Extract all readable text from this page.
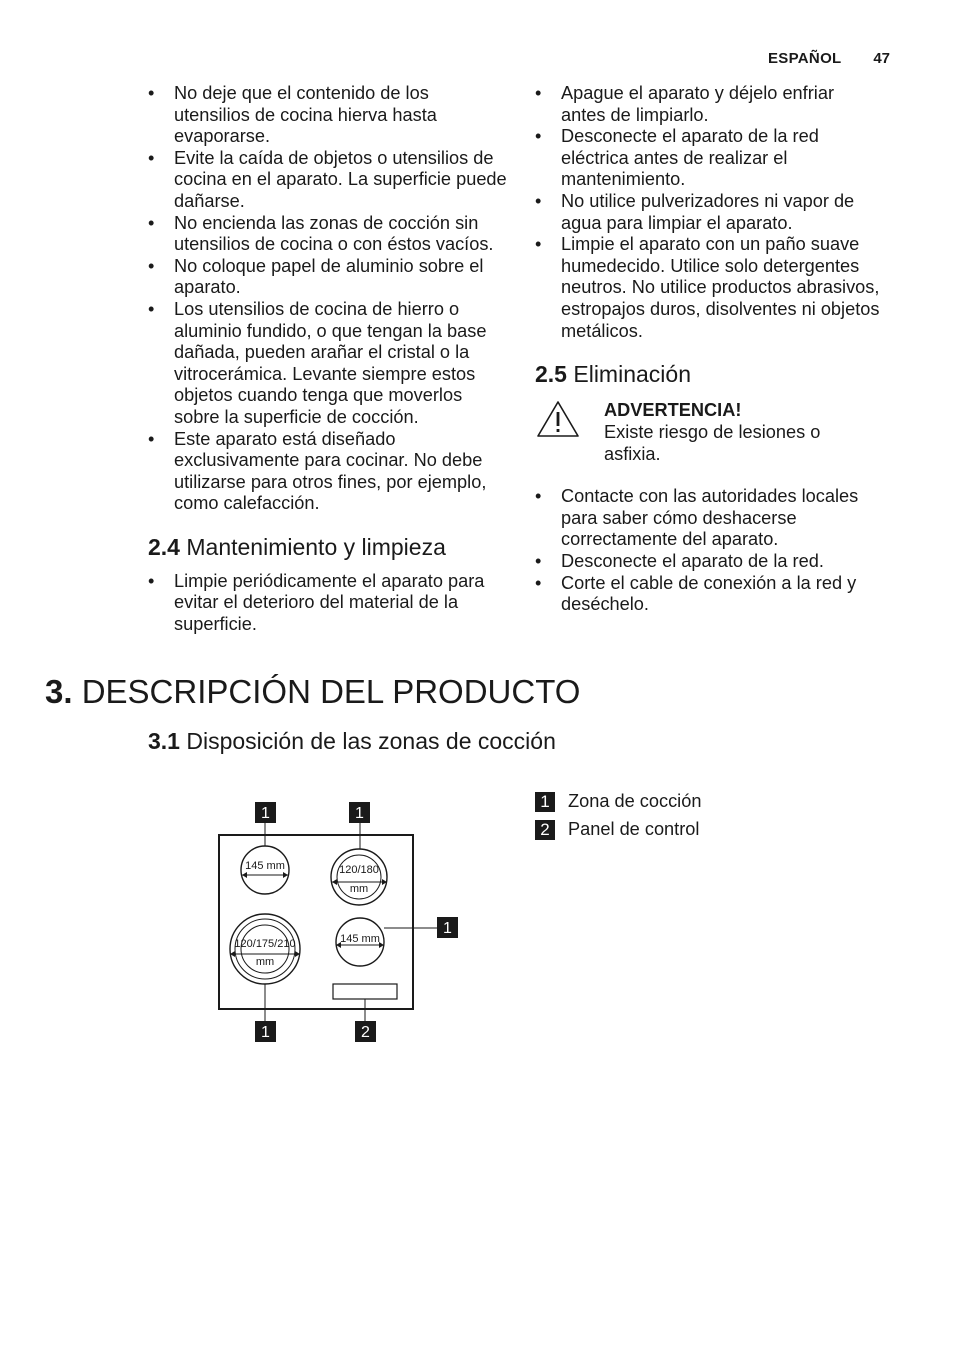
ESPAÑOL 47
• No deje que el contenido de los utensilios de cocina hierva hasta evaporarse.
• Evite la caída de objetos o utensilios de cocina en el aparato. La superficie puede dañarse.
• No encienda las zonas de cocción sin utensilios de cocina o con éstos vacíos.
• No coloque papel de aluminio sobre el aparato.
• Los utensilios de cocina de hierro o aluminio fundido, o que tengan la base dañada, pueden arañar el cristal o la vitrocerámica. Levante siempre estos objetos cuando tenga que moverlos sobre la superficie de cocción.
• Este aparato está diseñado exclusivamente para cocinar. No debe utilizarse para otros fines, por ejemplo, como calefacción.
2.4 Mantenimiento y limpieza
• Limpie periódicamente el aparato para evitar el deterioro del material de la superficie.
• Apague el aparato y déjelo enfriar antes de limpiarlo.
• Desconecte el aparato de la red eléctrica antes de realizar el mantenimiento.
• No utilice pulverizadores ni vapor de agua para limpiar el aparato.
• Limpie el aparato con un paño suave humedecido. Utilice solo detergentes neutros. No utilice productos abrasivos, estropajos duros, disolventes ni objetos metálicos.
2.5 Eliminación
ADVERTENCIA!
Existe riesgo de lesiones o asfixia.
• Contacte con las autoridades locales para saber cómo deshacerse correctamente del aparato.
• Desconecte el aparato de la red.
• Corte el cable de conexión a la red y deséchelo.
3. DESCRIPCIÓN DEL PRODUCTO
3.1 Disposición de las zonas de cocción
145 mm	120/180
mm
120/175/210
mm
145 mm
1	1
1
1	2
1 Zona de cocción
2 Panel de control
